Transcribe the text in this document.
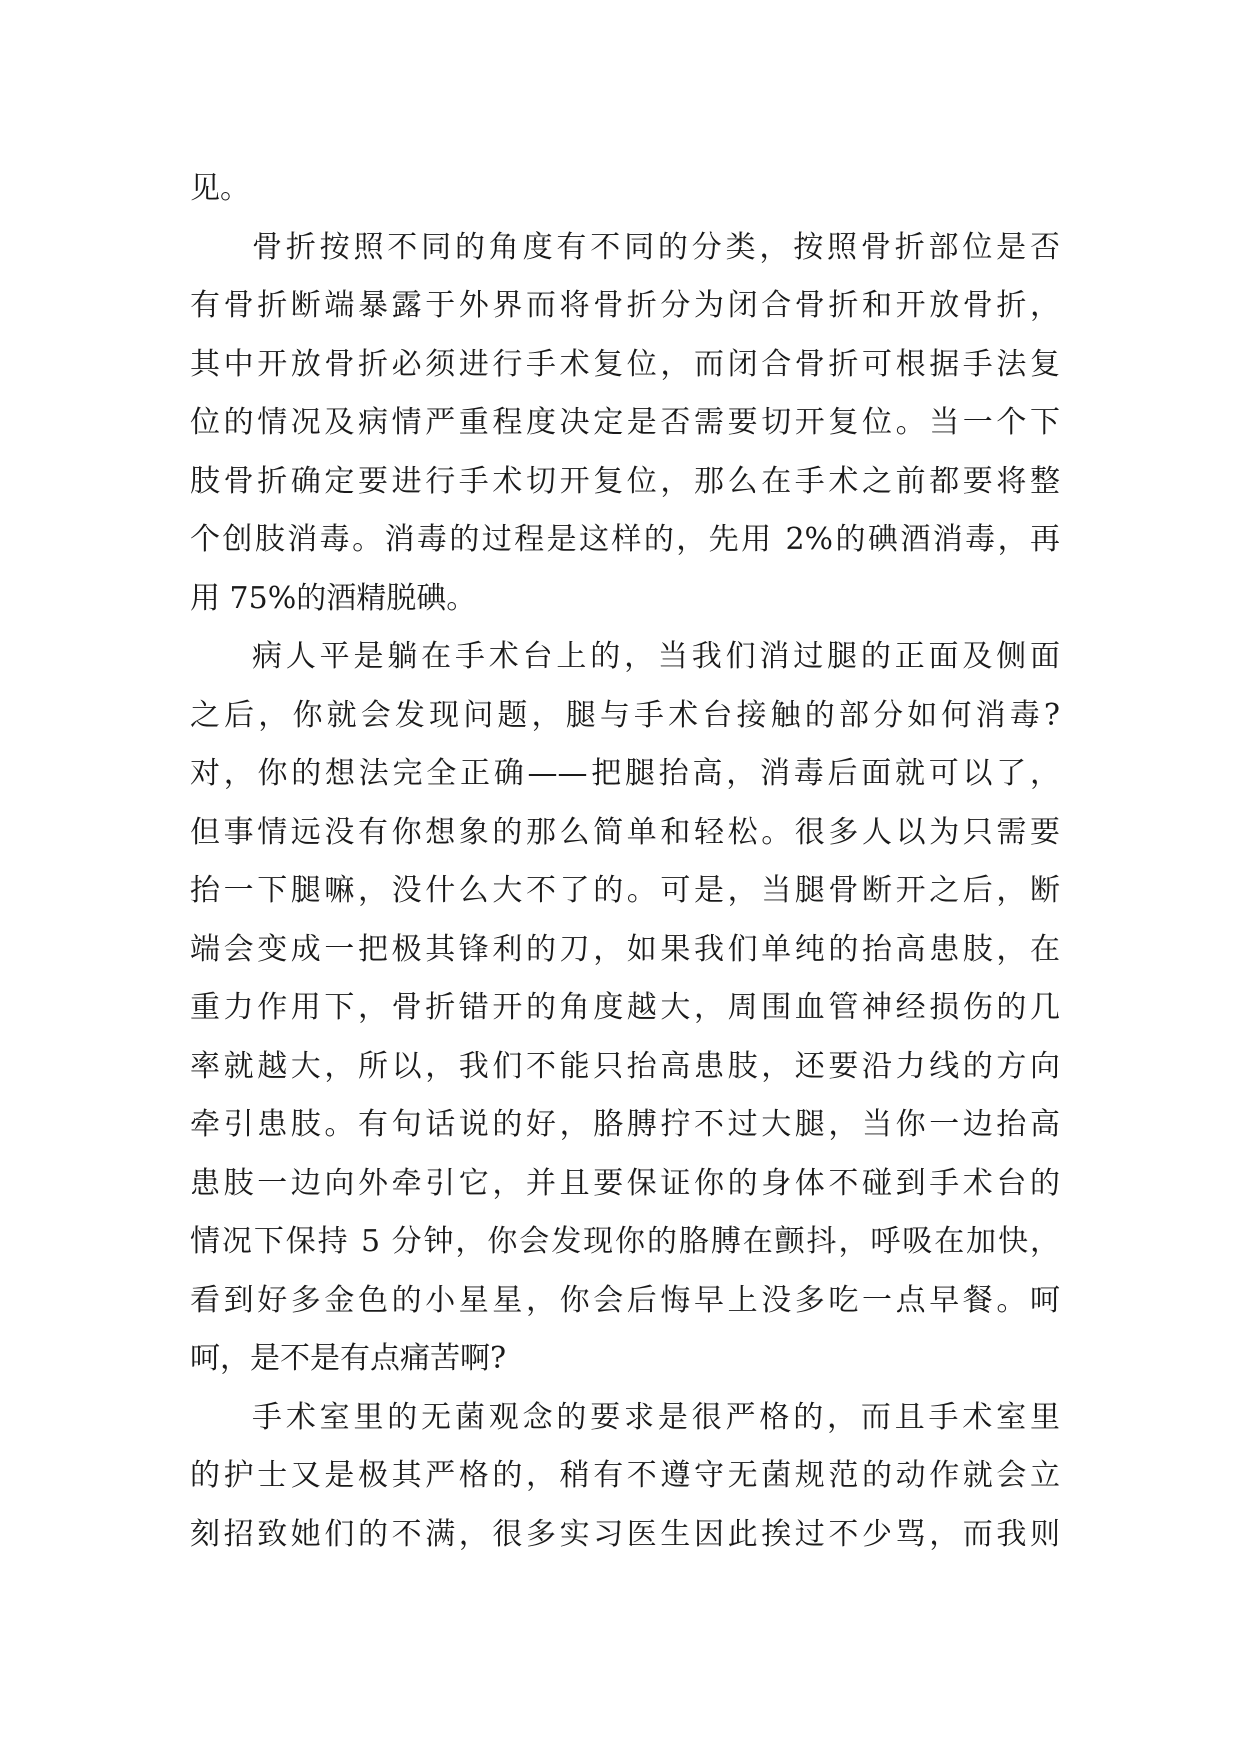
见。
骨折按照不同的角度有不同的分类，按照骨折部位是否
有骨折断端暴露于外界而将骨折分为闭合骨折和开放骨折，
其中开放骨折必须进行手术复位，而闭合骨折可根据手法复
位的情况及病情严重程度决定是否需要切开复位。当一个下
肢骨折确定要进行手术切开复位，那么在手术之前都要将整
个创肢消毒。消毒的过程是这样的，先用 2%的碘酒消毒，再
用 75%的酒精脱碘。
病人平是躺在手术台上的，当我们消过腿的正面及侧面
之后，你就会发现问题，腿与手术台接触的部分如何消毒?
对，你的想法完全正确——把腿抬高，消毒后面就可以了，
但事情远没有你想象的那么简单和轻松。很多人以为只需要
抬一下腿嘛，没什么大不了的。可是，当腿骨断开之后，断
端会变成一把极其锋利的刀，如果我们单纯的抬高患肢，在
重力作用下，骨折错开的角度越大，周围血管神经损伤的几
率就越大，所以，我们不能只抬高患肢，还要沿力线的方向
牵引患肢。有句话说的好，胳膊拧不过大腿，当你一边抬高
患肢一边向外牵引它，并且要保证你的身体不碰到手术台的
情况下保持 5 分钟，你会发现你的胳膊在颤抖，呼吸在加快，
看到好多金色的小星星，你会后悔早上没多吃一点早餐。呵
呵，是不是有点痛苦啊?
手术室里的无菌观念的要求是很严格的，而且手术室里
的护士又是极其严格的，稍有不遵守无菌规范的动作就会立
刻招致她们的不满，很多实习医生因此挨过不少骂，而我则
